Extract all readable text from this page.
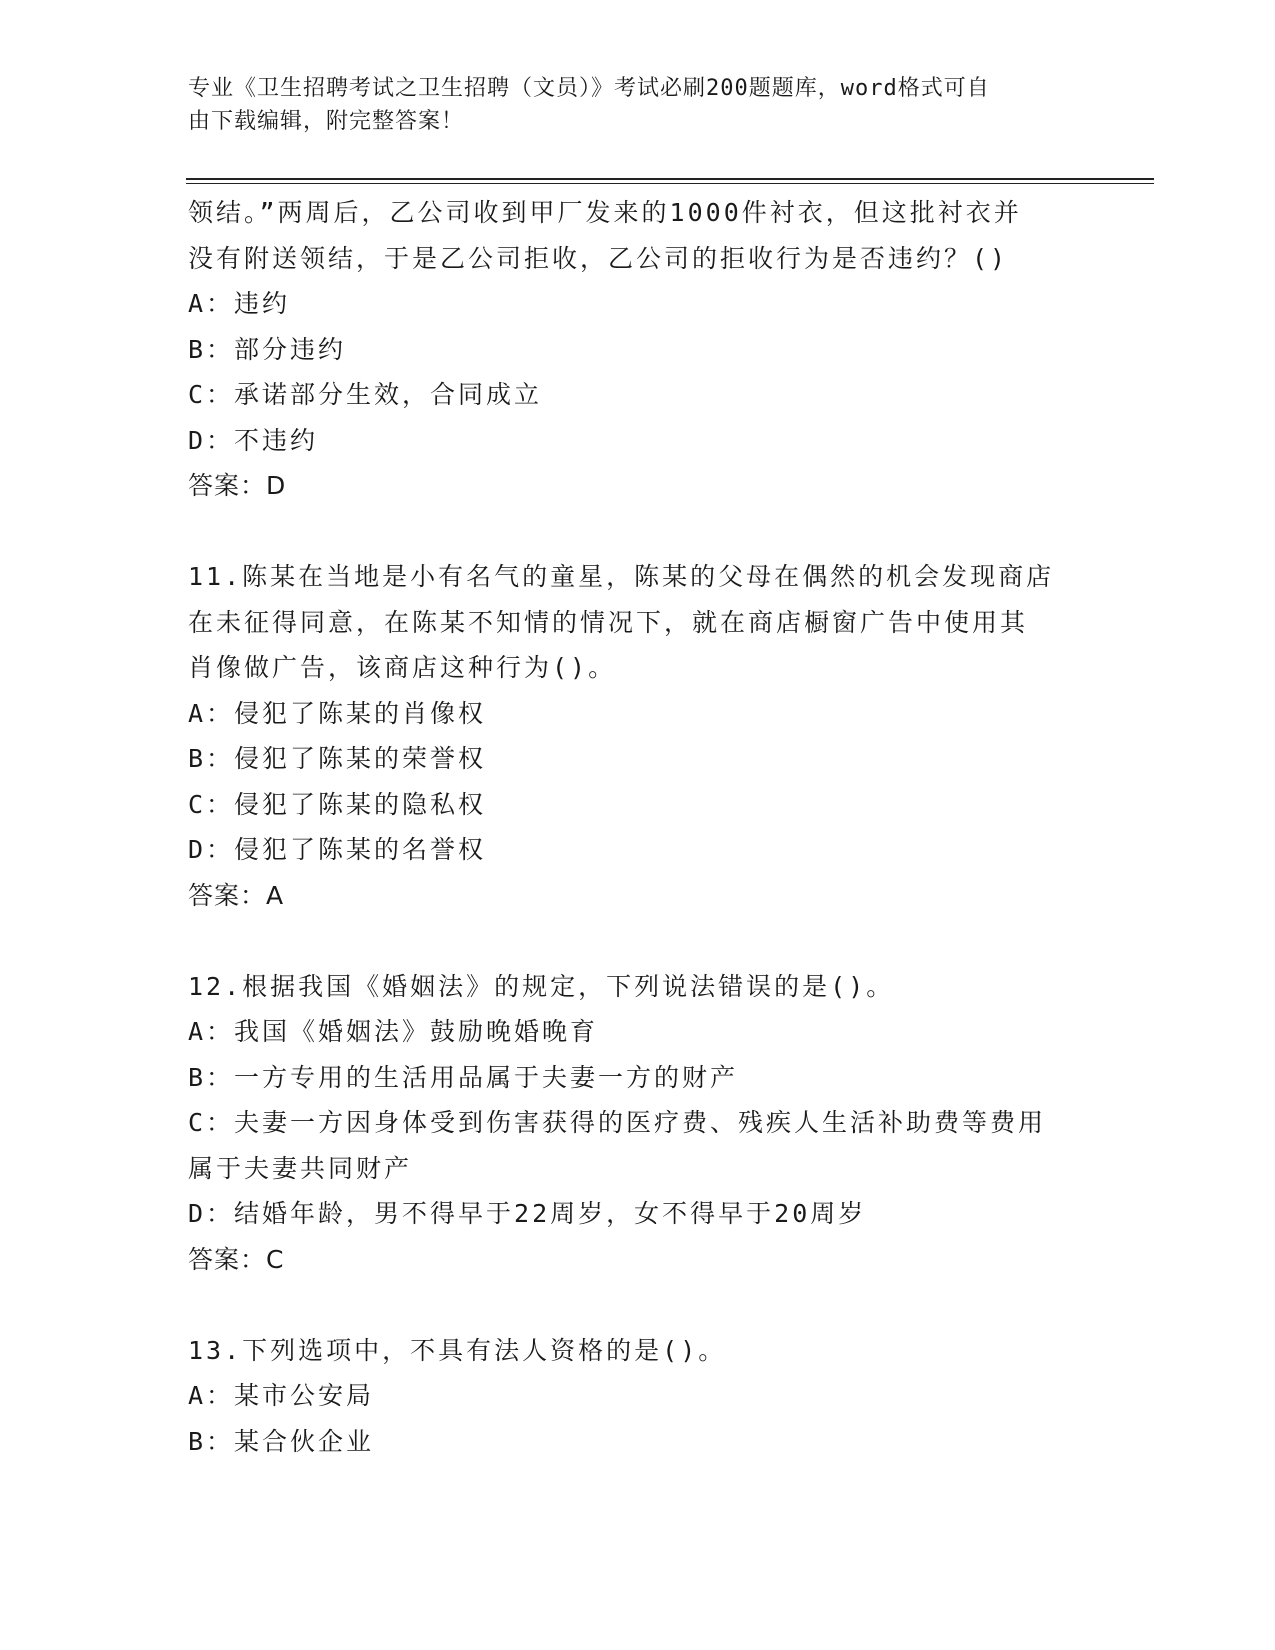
专业《卫生招聘考试之卫生招聘（文员）》考试必刷200题题库，word格式可自
由下载编辑，附完整答案！
领结。”两周后，乙公司收到甲厂发来的1000件衬衣，但这批衬衣并
没有附送领结，于是乙公司拒收，乙公司的拒收行为是否违约？()
A：违约
B：部分违约
C：承诺部分生效，合同成立
D：不违约
答案：D
11.陈某在当地是小有名气的童星，陈某的父母在偶然的机会发现商店
在未征得同意，在陈某不知情的情况下，就在商店橱窗广告中使用其
肖像做广告，该商店这种行为()。
A：侵犯了陈某的肖像权
B：侵犯了陈某的荣誉权
C：侵犯了陈某的隐私权
D：侵犯了陈某的名誉权
答案：A
12.根据我国《婚姻法》的规定，下列说法错误的是()。
A：我国《婚姻法》鼓励晚婚晚育
B：一方专用的生活用品属于夫妻一方的财产
C：夫妻一方因身体受到伤害获得的医疗费、残疾人生活补助费等费用
属于夫妻共同财产
D：结婚年龄，男不得早于22周岁，女不得早于20周岁
答案：C
13.下列选项中，不具有法人资格的是()。
A：某市公安局
B：某合伙企业
